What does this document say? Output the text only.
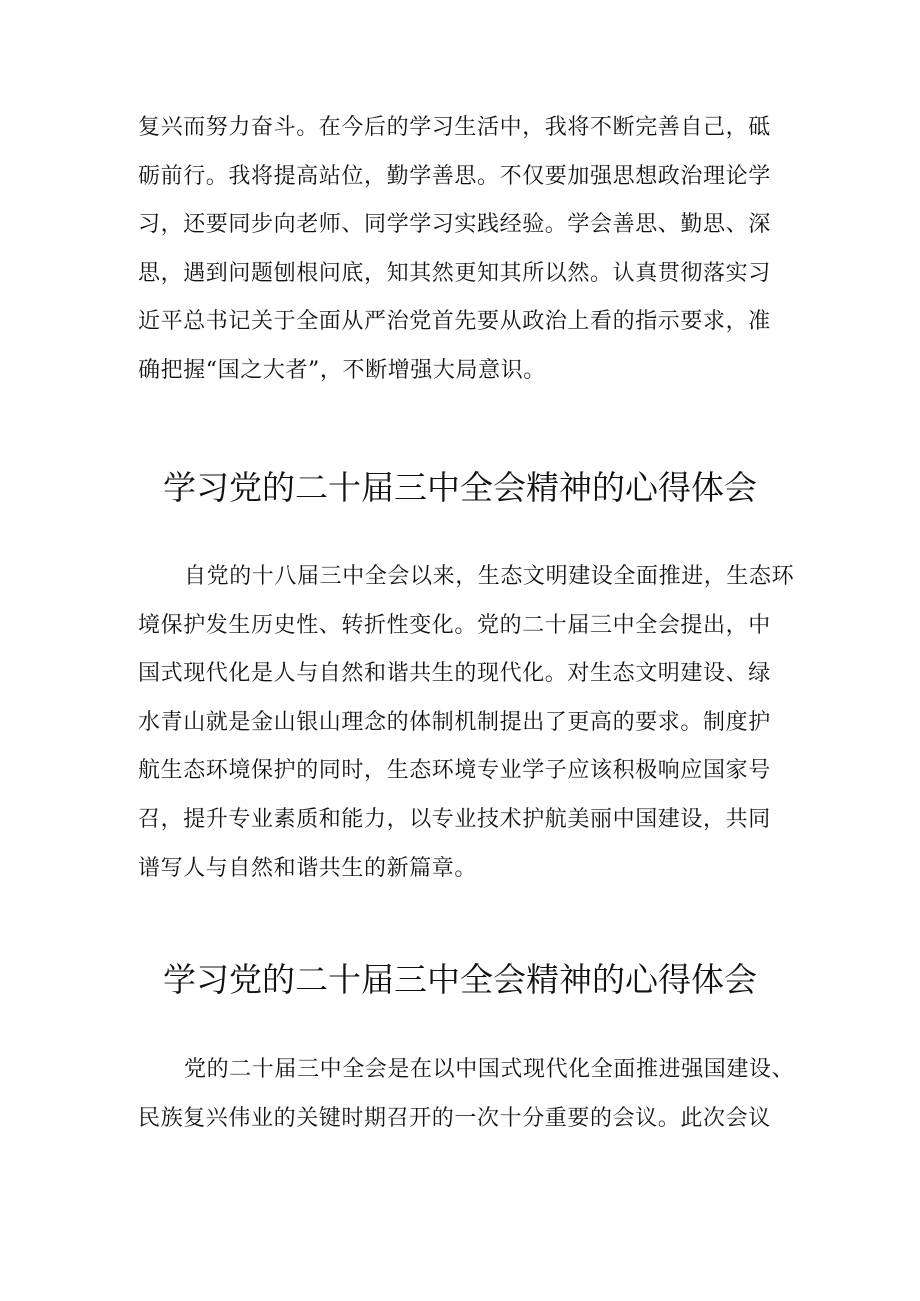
复兴而努力奋斗。在今后的学习生活中，我将不断完善自己，砥
砺前行。我将提高站位，勤学善思。不仅要加强思想政治理论学
习，还要同步向老师、同学学习实践经验。学会善思、勤思、深
思，遇到问题刨根问底，知其然更知其所以然。认真贯彻落实习
近平总书记关于全面从严治党首先要从政治上看的指示要求，准
确把握“国之大者”，不断增强大局意识。
学习党的二十届三中全会精神的心得体会
自党的十八届三中全会以来，生态文明建设全面推进，生态环
境保护发生历史性、转折性变化。党的二十届三中全会提出，中
国式现代化是人与自然和谐共生的现代化。对生态文明建设、绿
水青山就是金山银山理念的体制机制提出了更高的要求。制度护
航生态环境保护的同时，生态环境专业学子应该积极响应国家号
召，提升专业素质和能力，以专业技术护航美丽中国建设，共同
谱写人与自然和谐共生的新篇章。
学习党的二十届三中全会精神的心得体会
党的二十届三中全会是在以中国式现代化全面推进强国建设、
民族复兴伟业的关键时期召开的一次十分重要的会议。此次会议
